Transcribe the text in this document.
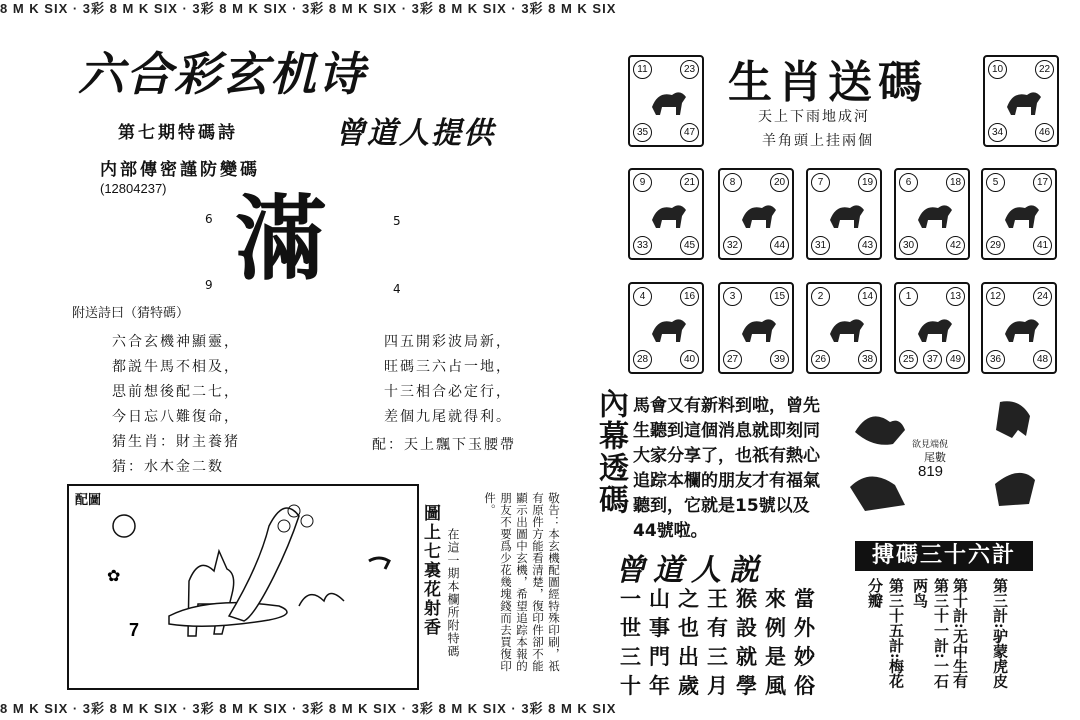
8 M K SIX · 3彩 8 M K SIX · 3彩 8 M K SIX · 3彩 8 M K SIX · 3彩 8 M K SIX · 3彩 8 M K SIX
8 M K SIX · 3彩 8 M K SIX · 3彩 8 M K SIX · 3彩 8 M K SIX · 3彩 8 M K SIX · 3彩 8 M K SIX
六合彩玄机诗
第七期特碼詩	曾道人提供
内部傳密謹防變碼
(12804237) 滿
6	5
9	4
附送詩曰（猜特碼）
六合玄機神顯靈，
都説牛馬不相及，
思前想後配二七，
今日忘八難復命，
猜生肖：財主養猪
猜：水木金二数
四五開彩波局新，
旺碼三六占一地，
十三相合必定行，
差個九尾就得利。
配：天上飄下玉腰帶
配圖
7
✿	圖上七裏花射香 在這一期本欄所附特碼	敬告：本玄機配圖經特殊印刷，祇有原件方能看清楚，復印件卻不能顯示出圖中玄機，希望追踪本報的朋友不要爲少花幾塊錢而去買復印件。
生肖送碼
天上下雨地成河
羊角頭上挂兩個
11	23
35	47
10	22
34	46
9	21
33	45
8	20
32	44
7	19
31	43
6	18
30	42
5	17
29	41
4	16
28	40
3	15
27	39
2	14
26	38
1	13
25	37	49
12	24
36	48
內幕透碼 馬會又有新料到啦，曾先生聽到這個消息就即刻同大家分享了，也祇有熱心追踪本欄的朋友才有福氣聽到，它就是15號以及44號啦。
欲見端倪
尾數
819
曾道人説
一山之王猴來當
世事也有設例外
三門出三就是妙
十年歲月學風俗
搏碼三十六計
第三計:驴蒙虎皮
第十計:无中生有
第三十一計:一石两鸟
第三十五計:梅花分瓣
